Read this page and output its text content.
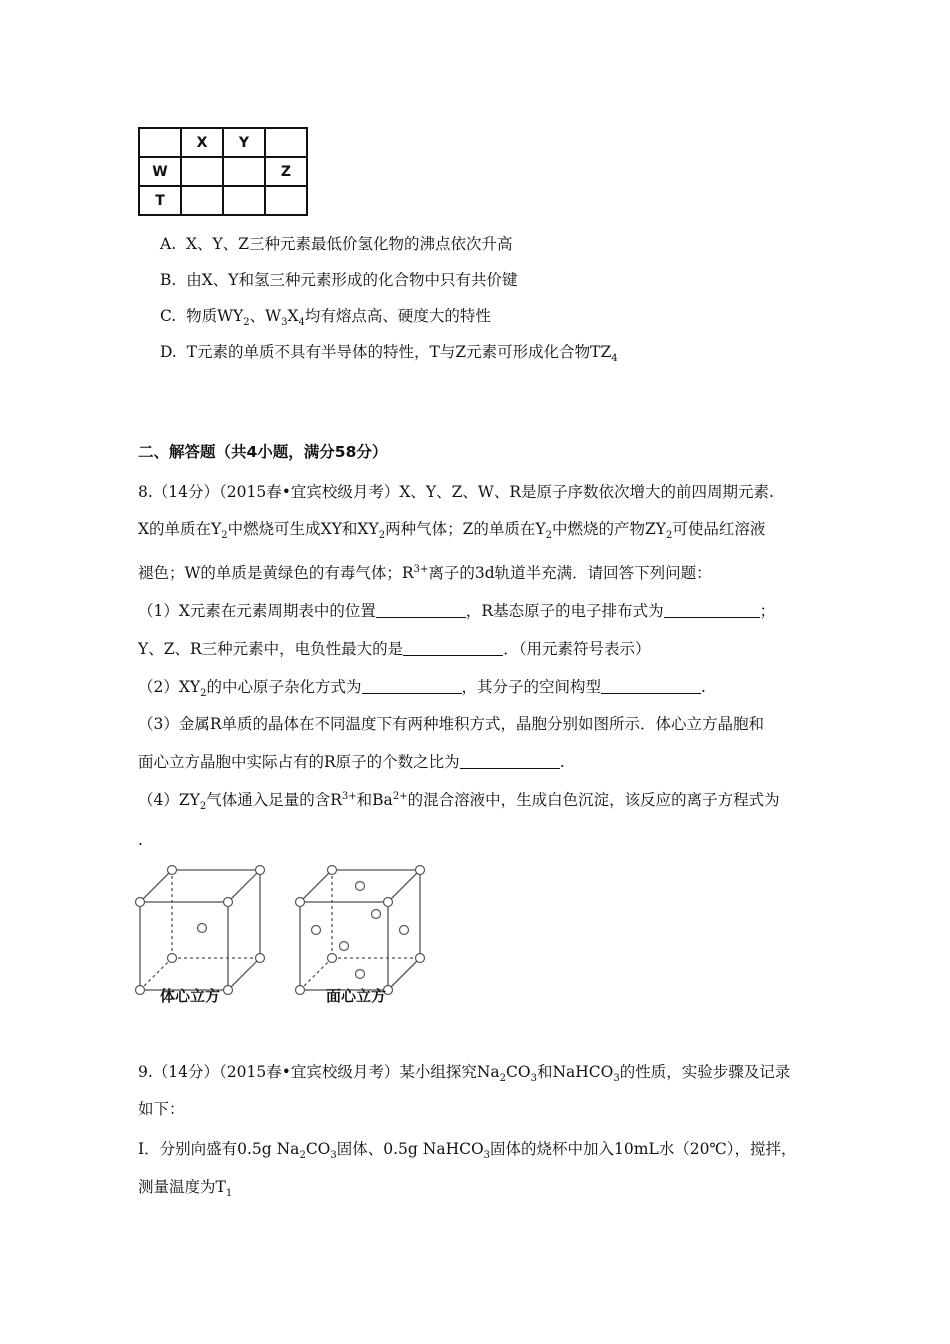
	X	Y	
W			Z
T			
A. X、Y、Z三种元素最低价氢化物的沸点依次升高
B. 由X、Y和氢三种元素形成的化合物中只有共价键
C. 物质$WY_2$、$W_3X_4$均有熔点高、硬度大的特性
D. T元素的单质不具有半导体的特性，T与Z元素可形成化合物$TZ_4$
二、解答题（共4小题，满分58分）
8.（14分）（2015春•宜宾校级月考）X、Y、Z、W、R是原子序数依次增大的前四周期元素.
X的单质在$Y_2$中燃烧可生成XY和$XY_2$两种气体；Z的单质在$Y_2$中燃烧的产物$ZY_2$可使品红溶液
褪色；W的单质是黄绿色的有毒气体；$R^{3+}$离子的3d轨道半充满．请回答下列问题：
（1）X元素在元素周期表中的位置	，R基态原子的电子排布式为	；
Y、Z、R三种元素中，电负性最大的是	．（用元素符号表示）
$(2)XY_2$的中心原子杂化方式为	，其分子的空间构型	.
（3）金属R单质的晶体在不同温度下有两种堆积方式，晶胞分别如图所示．体心立方晶胞和
面心立方晶胞中实际占有的R原子的个数之比为	.
$(4)ZY_2$气体通入足量的含$R^{3+}$和$Ba^{2+}$的混合溶液中，生成白色沉淀，该反应的离子方程式为
.
体心立方	面心立方
9.（14分）（2015春•宜宾校级月考）某小组探究$Na_2CO_3$和NaHCO$_3$的性质，实验步骤及记录
如下：
Ⅰ．分别向盛有0.5g $Na_2CO_3$固体、0.5g NaHCO$_3$固体的烧杯中加入10mL水（20℃），搅拌，
测量温度为$T_1$
